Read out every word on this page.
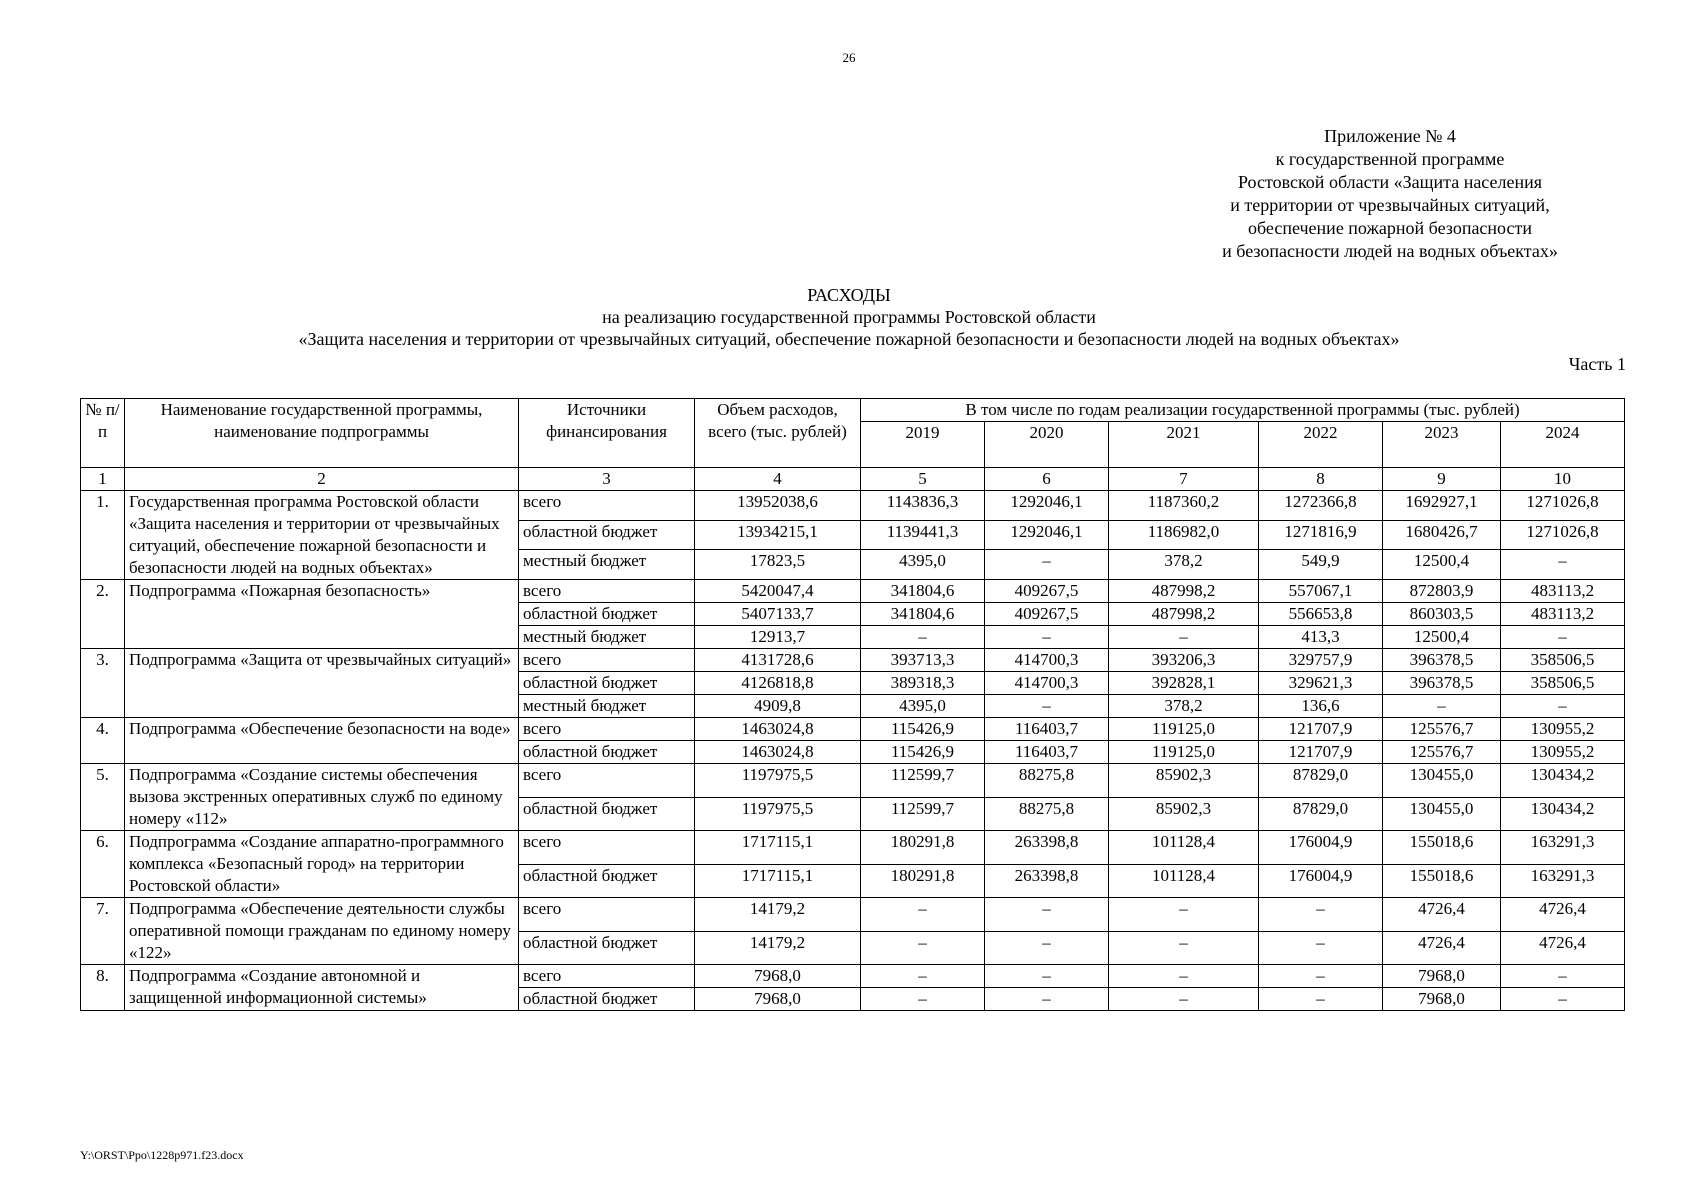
26
Приложение № 4
к государственной программе
Ростовской области «Защита населения
и территории от чрезвычайных ситуаций,
обеспечение пожарной безопасности
и безопасности людей на водных объектах»
РАСХОДЫ
на реализацию государственной программы Ростовской области
«Защита населения и территории от чрезвычайных ситуаций, обеспечение пожарной безопасности и безопасности людей на водных объектах»
Часть 1
№ п/п	Наименование государственной программы, наименование подпрограммы	Источники финансирования	Объем расходов, всего (тыс. рублей)	В том числе по годам реализации государственной программы (тыс. рублей)					
				2019	2020	2021	2022	2023	2024
1	2	3	4	5	6	7	8	9	10
1.	Государственная программа Ростовской области «Защита населения и территории от чрезвычайных ситуаций, обеспечение пожарной безопасности и безопасности людей на водных объектах»	всего	13952038,6	1143836,3	1292046,1	1187360,2	1272366,8	1692927,1	1271026,8
		областной бюджет	13934215,1	1139441,3	1292046,1	1186982,0	1271816,9	1680426,7	1271026,8
		местный бюджет	17823,5	4395,0	–	378,2	549,9	12500,4	–
2.	Подпрограмма «Пожарная безопасность»	всего	5420047,4	341804,6	409267,5	487998,2	557067,1	872803,9	483113,2
		областной бюджет	5407133,7	341804,6	409267,5	487998,2	556653,8	860303,5	483113,2
		местный бюджет	12913,7	–	–	–	413,3	12500,4	–
3.	Подпрограмма «Защита от чрезвычайных ситуаций»	всего	4131728,6	393713,3	414700,3	393206,3	329757,9	396378,5	358506,5
		областной бюджет	4126818,8	389318,3	414700,3	392828,1	329621,3	396378,5	358506,5
		местный бюджет	4909,8	4395,0	–	378,2	136,6	–	–
4.	Подпрограмма «Обеспечение безопасности на воде»	всего	1463024,8	115426,9	116403,7	119125,0	121707,9	125576,7	130955,2
		областной бюджет	1463024,8	115426,9	116403,7	119125,0	121707,9	125576,7	130955,2
5.	Подпрограмма «Создание системы обеспечения вызова экстренных оперативных служб по единому номеру «112»	всего	1197975,5	112599,7	88275,8	85902,3	87829,0	130455,0	130434,2
		областной бюджет	1197975,5	112599,7	88275,8	85902,3	87829,0	130455,0	130434,2
6.	Подпрограмма «Создание аппаратно-программного комплекса «Безопасный город» на территории Ростовской области»	всего	1717115,1	180291,8	263398,8	101128,4	176004,9	155018,6	163291,3
		областной бюджет	1717115,1	180291,8	263398,8	101128,4	176004,9	155018,6	163291,3
7.	Подпрограмма «Обеспечение деятельности службы оперативной помощи гражданам по единому номеру «122»	всего	14179,2	–	–	–	–	4726,4	4726,4
		областной бюджет	14179,2	–	–	–	–	4726,4	4726,4
8.	Подпрограмма «Создание автономной и защищенной информационной системы»	всего	7968,0	–	–	–	–	7968,0	–
		областной бюджет	7968,0	–	–	–	–	7968,0	–
Y:\ORST\Ppo\1228p971.f23.docx
